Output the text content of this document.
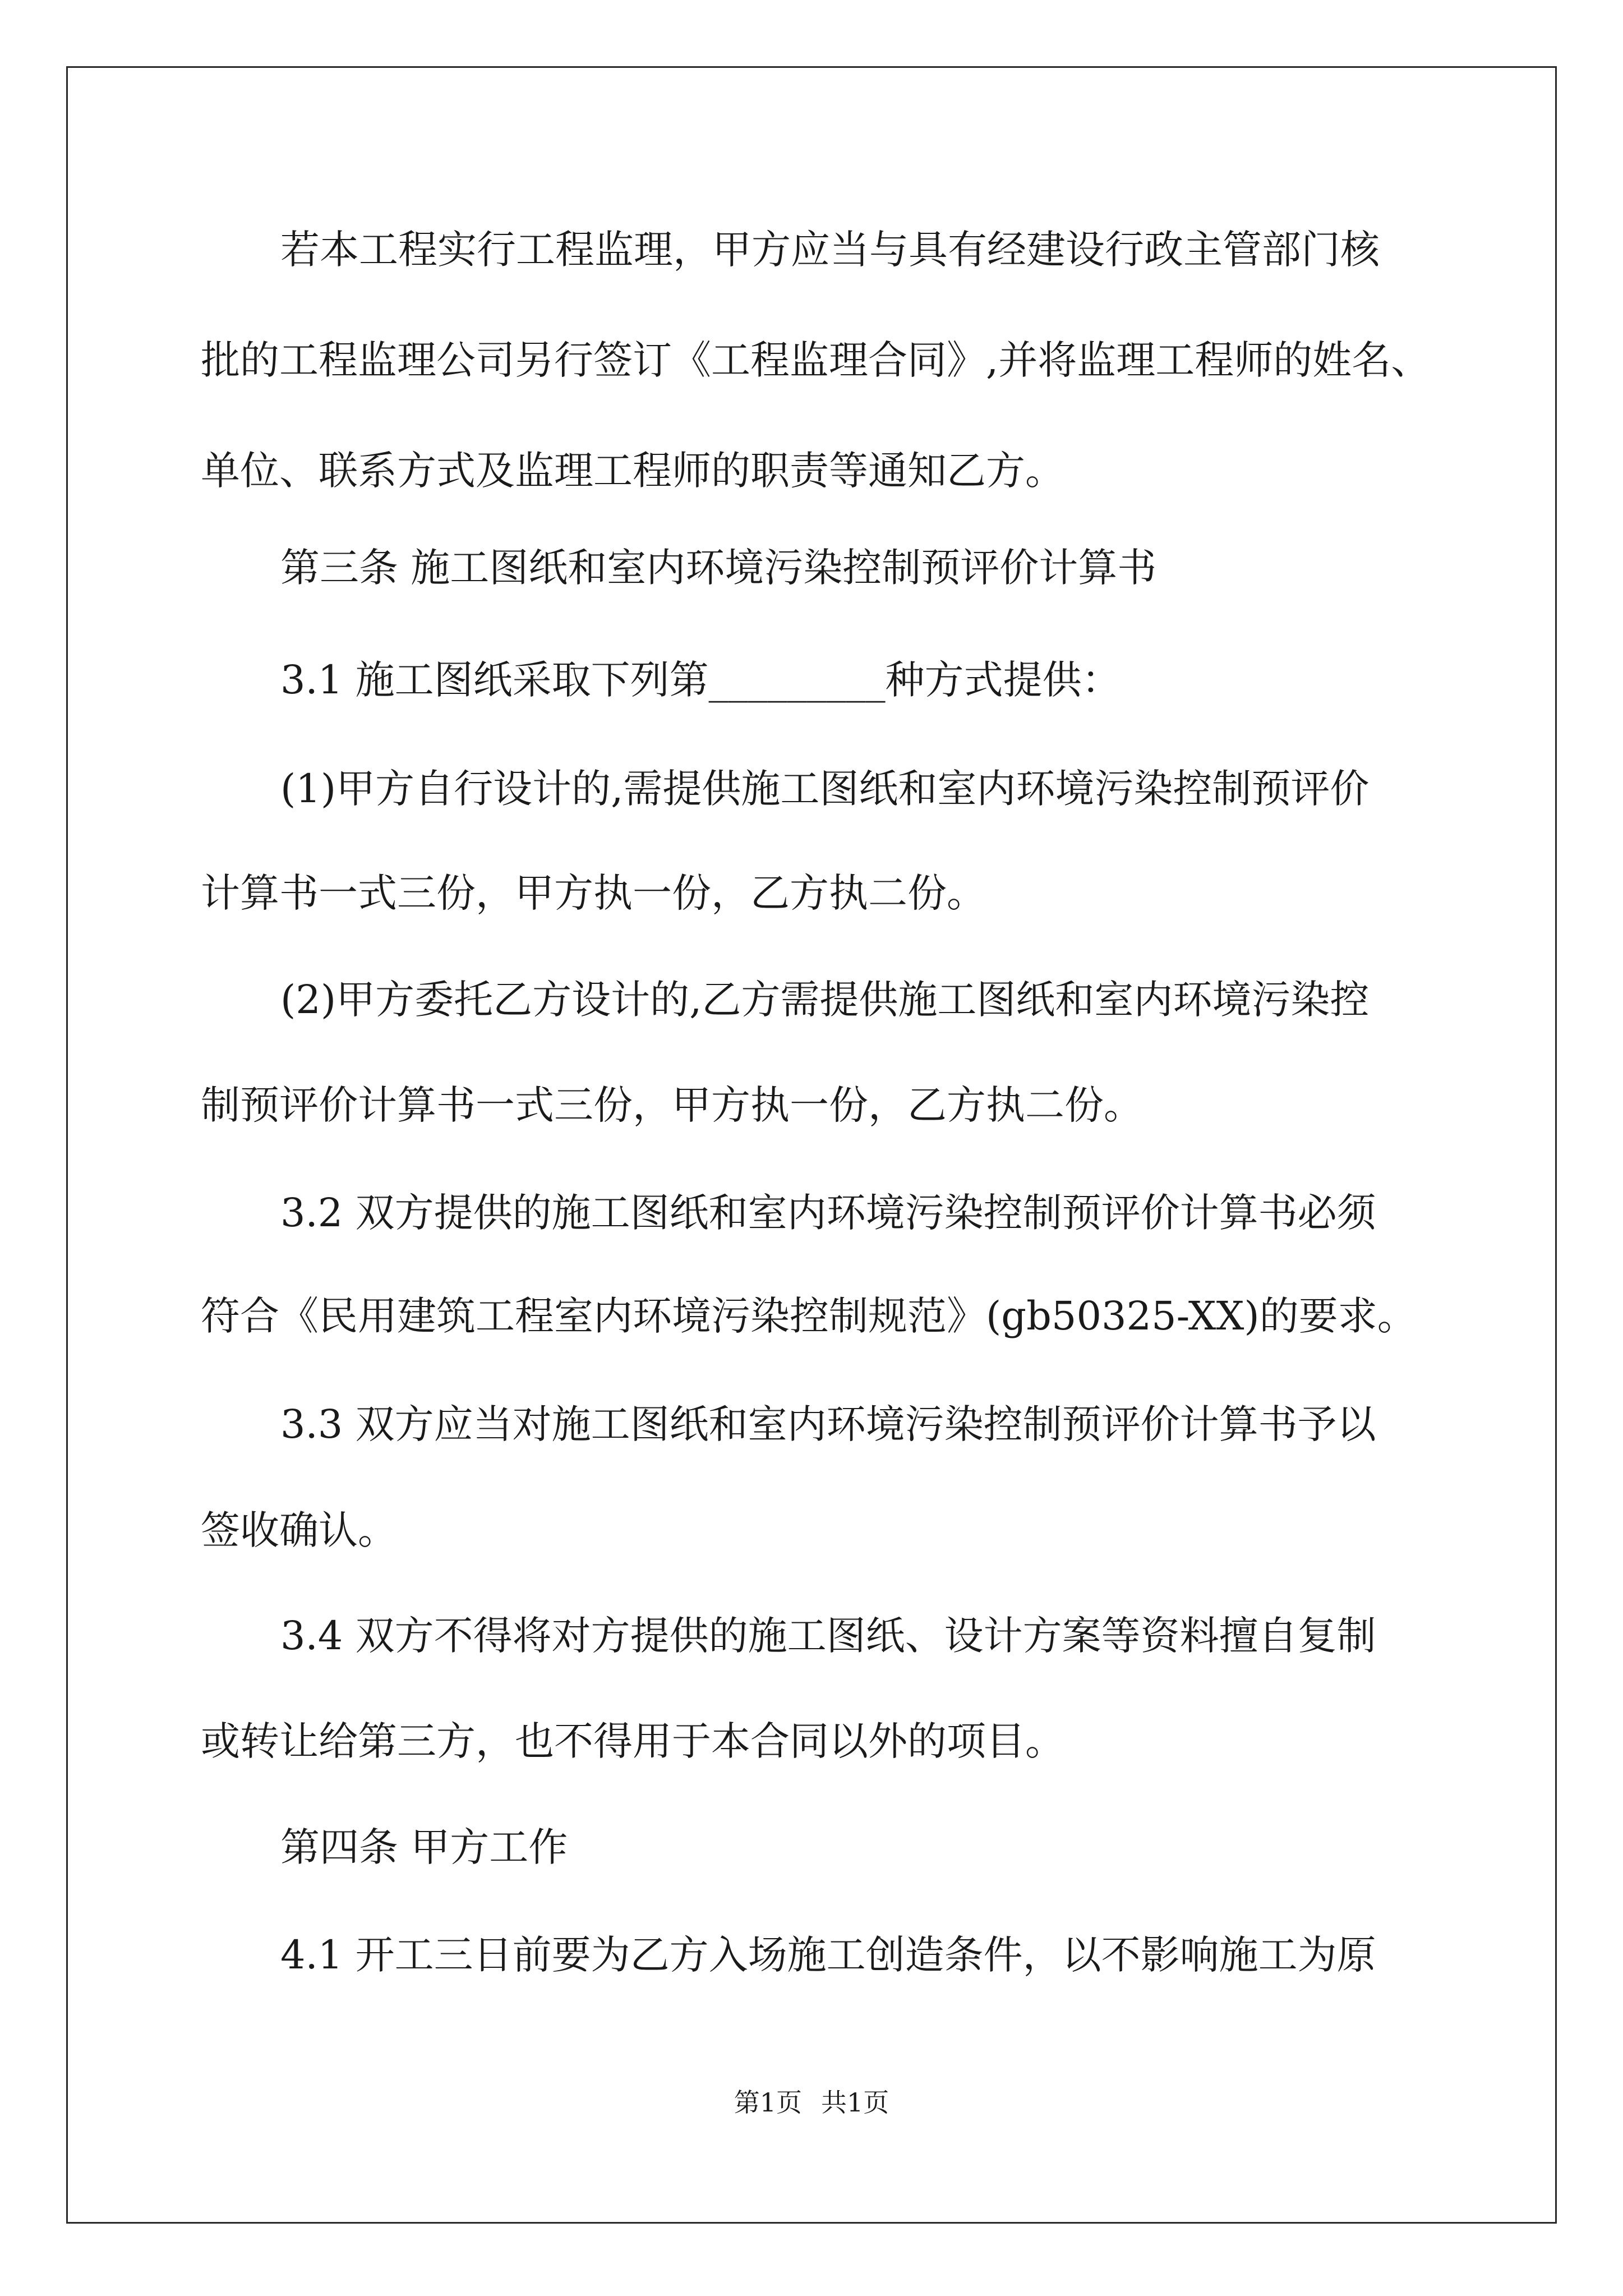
若本工程实行工程监理，甲方应当与具有经建设行政主管部门核

批的工程监理公司另行签订《工程监理合同》,并将监理工程师的姓名、

单位、联系方式及监理工程师的职责等通知乙方。

第三条 施工图纸和室内环境污染控制预评价计算书

3.1 施工图纸采取下列第_________种方式提供：

(1)甲方自行设计的,需提供施工图纸和室内环境污染控制预评价

计算书一式三份，甲方执一份，乙方执二份。

(2)甲方委托乙方设计的,乙方需提供施工图纸和室内环境污染控

制预评价计算书一式三份，甲方执一份，乙方执二份。

3.2 双方提供的施工图纸和室内环境污染控制预评价计算书必须

符合《民用建筑工程室内环境污染控制规范》(gb50325-XX)的要求。

3.3 双方应当对施工图纸和室内环境污染控制预评价计算书予以

签收确认。

3.4 双方不得将对方提供的施工图纸、设计方案等资料擅自复制

或转让给第三方，也不得用于本合同以外的项目。

第四条 甲方工作

4.1 开工三日前要为乙方入场施工创造条件，以不影响施工为原

第1页 共1页
